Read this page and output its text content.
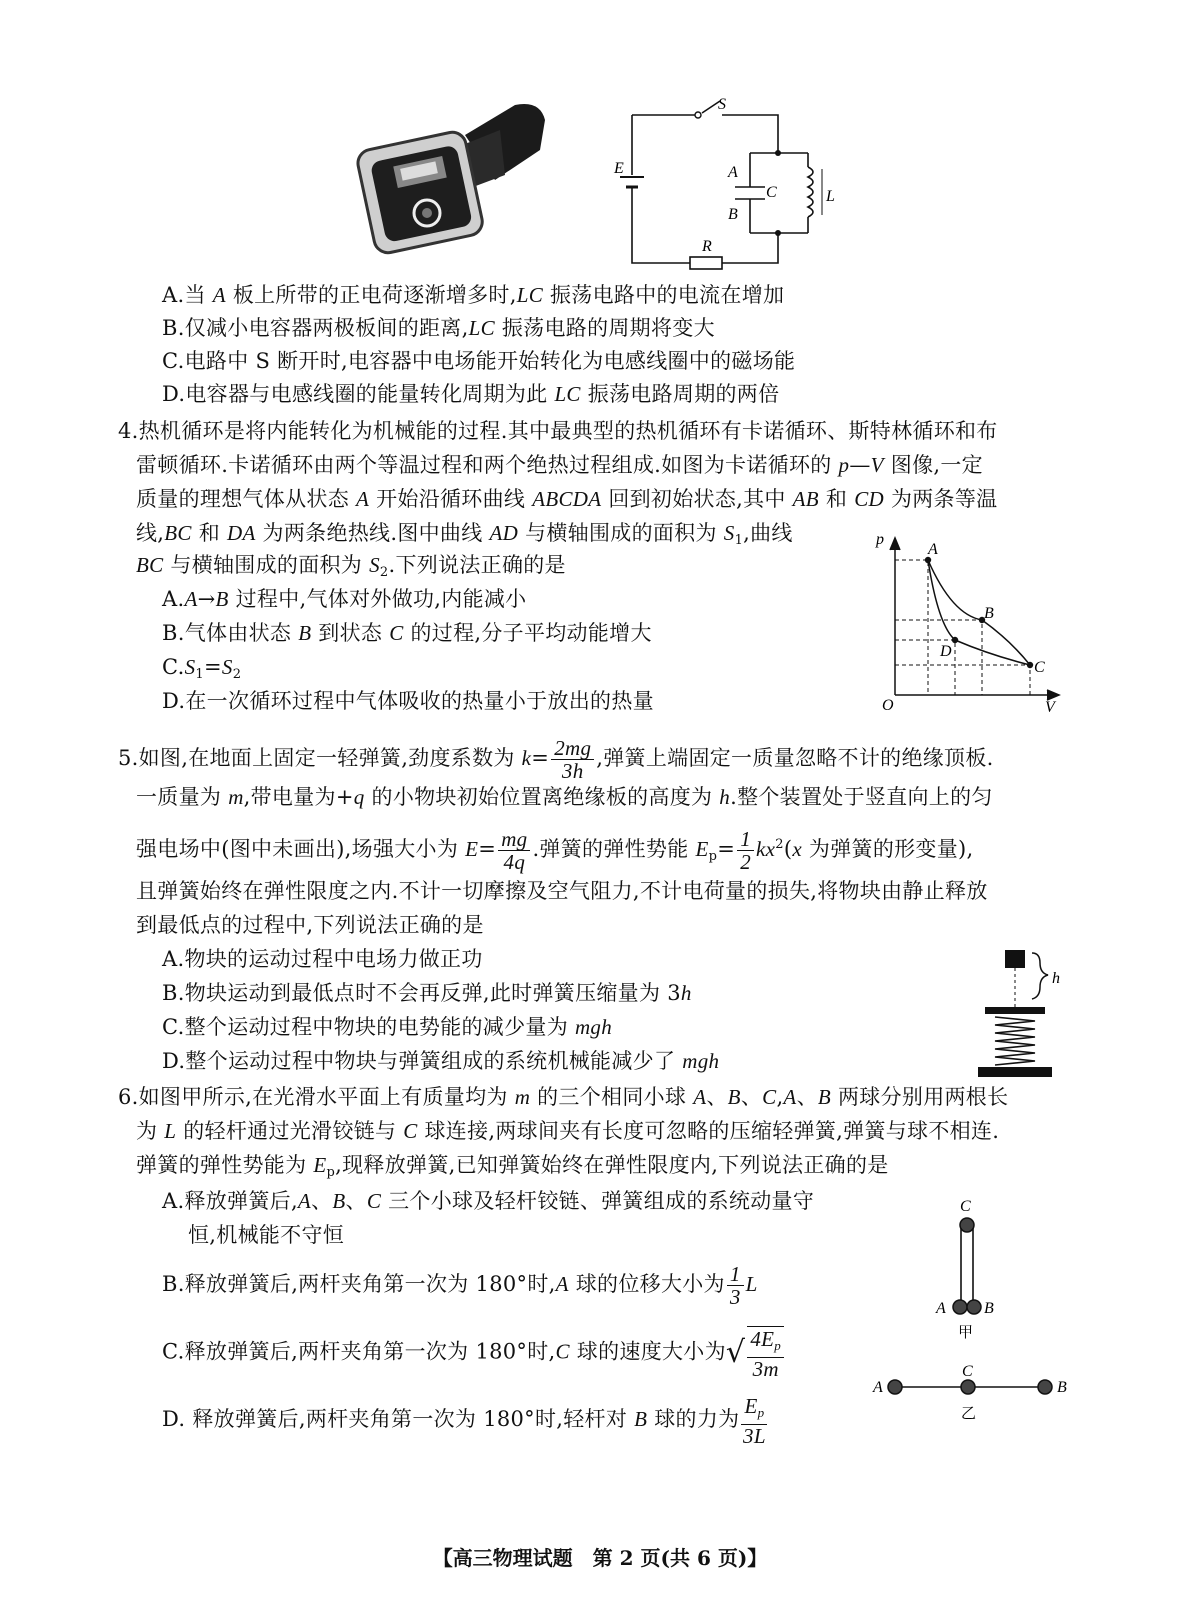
S
E	A
C
B
L
R
A.当 A 板上所带的正电荷逐渐增多时,LC 振荡电路中的电流在增加
B.仅减小电容器两极板间的距离,LC 振荡电路的周期将变大
C.电路中 S 断开时,电容器中电场能开始转化为电感线圈中的磁场能
D.电容器与电感线圈的能量转化周期为此 LC 振荡电路周期的两倍
4.热机循环是将内能转化为机械能的过程.其中最典型的热机循环有卡诺循环、斯特林循环和布
雷顿循环.卡诺循环由两个等温过程和两个绝热过程组成.如图为卡诺循环的 p—V 图像,一定
质量的理想气体从状态 A 开始沿循环曲线 ABCDA 回到初始状态,其中 AB 和 CD 为两条等温
线,BC 和 DA 为两条绝热线.图中曲线 AD 与横轴围成的面积为 $S_1$,曲线
BC 与横轴围成的面积为 $S_2$.下列说法正确的是
A.A→B 过程中,气体对外做功,内能减小
B.气体由状态 B 到状态 C 的过程,分子平均动能增大
$C.S_1=S_2$
D.在一次循环过程中气体吸收的热量小于放出的热量
p
A
B
C
D
O	V
5.如图,在地面上固定一轻弹簧,劲度系数为 $k= \frac{2mg}{3h}$ ,弹簧上端固定一质量忽略不计的绝缘顶板.
一质量为 m,带电量为+q 的小物块初始位置离绝缘板的高度为 h.整个装置处于竖直向上的匀
强电场中(图中未画出),场强大小为 $E= \frac{mg}{4q}$ .弹簧的弹性势能 $E_p= \frac{1}{2} kx^2(x$ 为弹簧的形变量),
且弹簧始终在弹性限度之内.不计一切摩擦及空气阻力,不计电荷量的损失,将物块由静止释放
到最低点的过程中,下列说法正确的是
A.物块的运动过程中电场力做正功
B.物块运动到最低点时不会再反弹,此时弹簧压缩量为 3h
C.整个运动过程中物块的电势能的减少量为 mgh
D.整个运动过程中物块与弹簧组成的系统机械能减少了 mgh
h
6.如图甲所示,在光滑水平面上有质量均为 m 的三个相同小球 A、B、C,A、B 两球分别用两根长
为 L 的轻杆通过光滑铰链与 C 球连接,两球间夹有长度可忽略的压缩轻弹簧,弹簧与球不相连.
弹簧的弹性势能为 $E_p$,现释放弹簧,已知弹簧始终在弹性限度内,下列说法正确的是
A.释放弹簧后,A、B、C 三个小球及轻杆铰链、弹簧组成的系统动量守
恒,机械能不守恒
B.释放弹簧后,两杆夹角第一次为 180°时,A 球的位移大小为 $\frac{1}{3}$ L
C.释放弹簧后,两杆夹角第一次为 180°时,C 球的速度大小为√ $\frac{4E_p}{3m}$
D. 释放弹簧后,两杆夹角第一次为 180°时,轻杆对 B 球的力为 $\frac{E_p}{3L}$
C
A B
甲
C
A	B
乙
【高三物理试题　第 2 页(共 6 页)】
